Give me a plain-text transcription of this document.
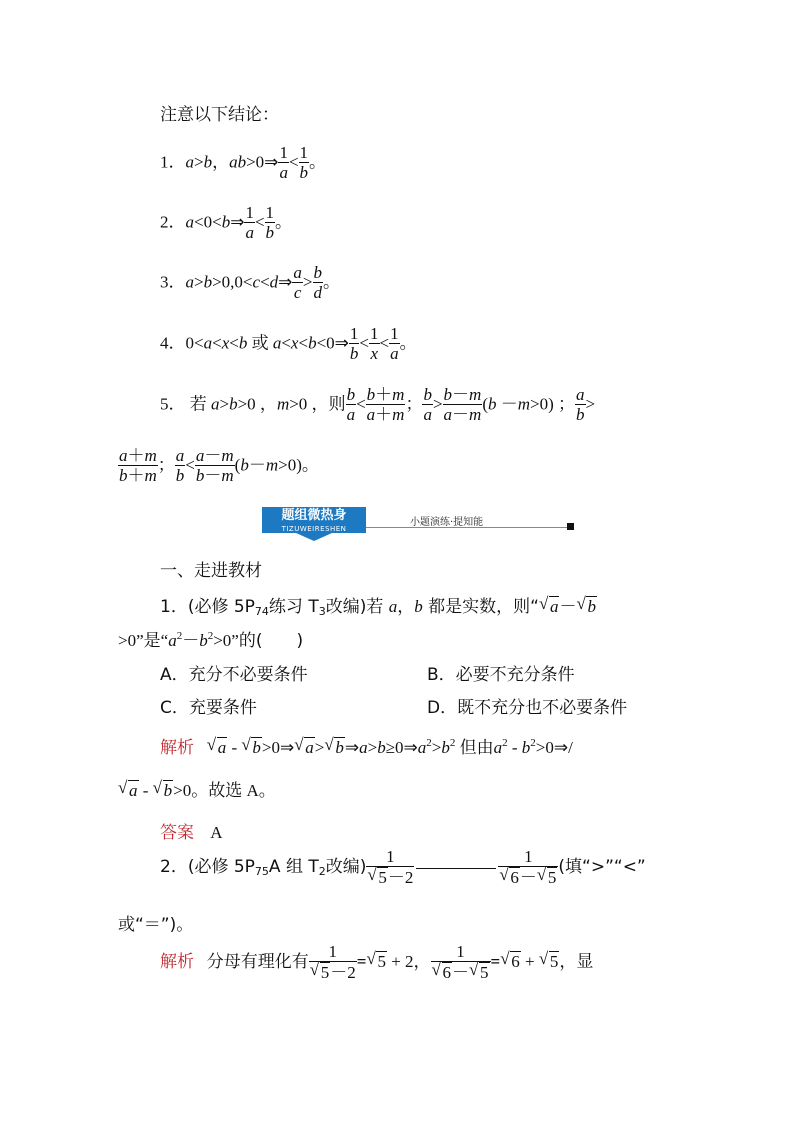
注意以下结论：
1．a>b，ab>0⇒ $\frac{1}{a} < \frac{1}{b}$ 。
2．a<0<b⇒ $\frac{1}{a} < \frac{1}{b}$ 。
3．a>b>0,0<c<d⇒ $\frac{a}{c} > \frac{b}{d}$ 。
4．0<a<x<b 或 a<x<b<0⇒ $\frac{1}{b} < \frac{1}{x} < \frac{1}{a}$ 。
5． 若 a>b>0 ，m>0 ，则 $\frac{b}{a} < \frac{b+m}{a+m}$ ； $\frac{b}{a} > \frac{b-m}{a-m} (b -m>0)$ ； $\frac{a}{b}$ >
$\frac{a+m}{b+m}$ ； $\frac{a}{b} < \frac{a-m}{b-m} (b-m>0)$。
题组微热身
TIZUWEIRESHEN
小题演练·提知能
一、走进教材
1．(必修 $5P_{74}$练习 $T_3$改编)若 a，b 都是实数，则“ √ a－ √ b
>0”是“$a^2-b^2>0$”的(　　)
A．充分不必要条件	B．必要不充分条件
C．充要条件	D．既不充分也不必要条件
解析 √ a - √ b>0⇒ √ a> √ $b\Rightarrow a>b\ge 0\Rightarrow a^2>b^2$ 但由$a^2$ - $b^2>0\Rightarrow/$
√ a - √ b>0。故选 A。
答案 A
2．(必修 $5P_{75}A$ 组 $T_2$改编) 1
√ 5－2	1
√ 6－ √ 5 (填“>”“<”
或“＝”)。
解析 分母有理化有 1
√ 5－2 = √ 5 + 2， 1
√ 6－ √ 5 = √ 6 + √ 5，显
